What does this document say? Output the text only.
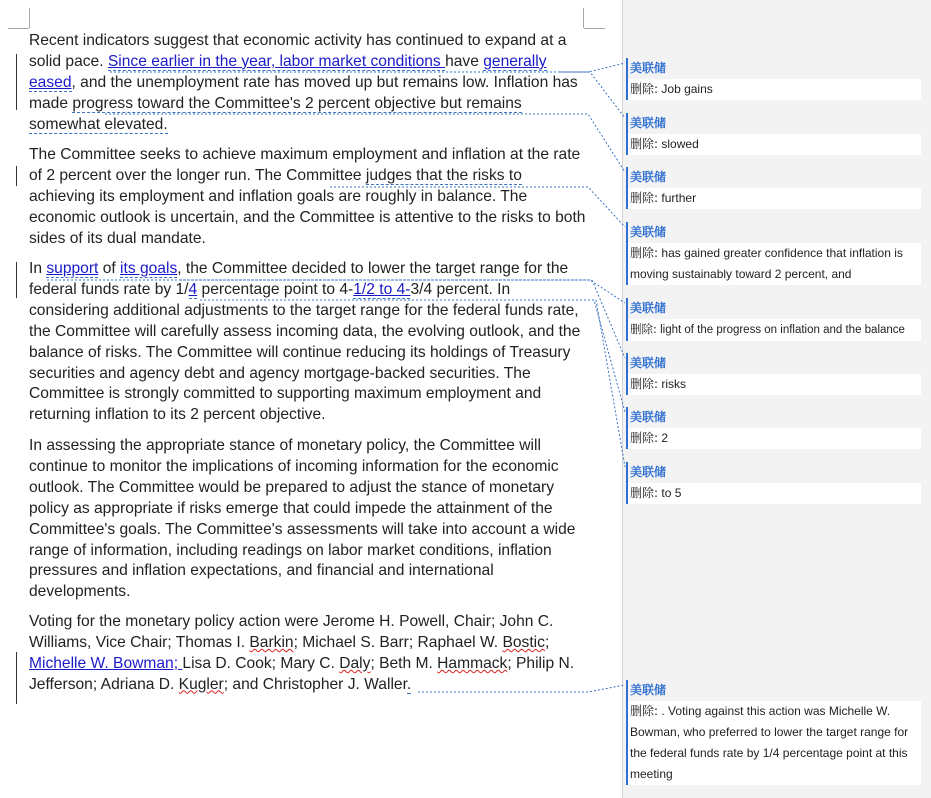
Recent indicators suggest that economic activity has continued to expand at a solid pace. Since earlier in the year, labor market conditions have generally eased, and the unemployment rate has moved up but remains low. Inflation has made progress toward the Committee's 2 percent objective but remains somewhat elevated.

The Committee seeks to achieve maximum employment and inflation at the rate of 2 percent over the longer run. The Committee judges that the risks to achieving its employment and inflation goals are roughly in balance. The economic outlook is uncertain, and the Committee is attentive to the risks to both sides of its dual mandate.

In support of its goals, the Committee decided to lower the target range for the federal funds rate by 1/4 percentage point to 4-1/2 to 4-3/4 percent. In considering additional adjustments to the target range for the federal funds rate, the Committee will carefully assess incoming data, the evolving outlook, and the balance of risks. The Committee will continue reducing its holdings of Treasury securities and agency debt and agency mortgage-backed securities. The Committee is strongly committed to supporting maximum employment and returning inflation to its 2 percent objective.

In assessing the appropriate stance of monetary policy, the Committee will continue to monitor the implications of incoming information for the economic outlook. The Committee would be prepared to adjust the stance of monetary policy as appropriate if risks emerge that could impede the attainment of the Committee's goals. The Committee's assessments will take into account a wide range of information, including readings on labor market conditions, inflation pressures and inflation expectations, and financial and international developments.

Voting for the monetary policy action were Jerome H. Powell, Chair; John C. Williams, Vice Chair; Thomas I. Barkin; Michael S. Barr; Raphael W. Bostic; Michelle W. Bowman; Lisa D. Cook; Mary C. Daly; Beth M. Hammack; Philip N. Jefferson; Adriana D. Kugler; and Christopher J. Waller.

美联储
删除: Job gains
美联储
删除: slowed
美联储
删除: further
美联储
删除: has gained greater confidence that inflation is moving sustainably toward 2 percent, and
美联储
删除: light of the progress on inflation and the balance
美联储
删除: risks
美联储
删除: 2
美联储
删除: to 5
美联储
删除: . Voting against this action was Michelle W. Bowman, who preferred to lower the target range for the federal funds rate by 1/4 percentage point at this meeting
